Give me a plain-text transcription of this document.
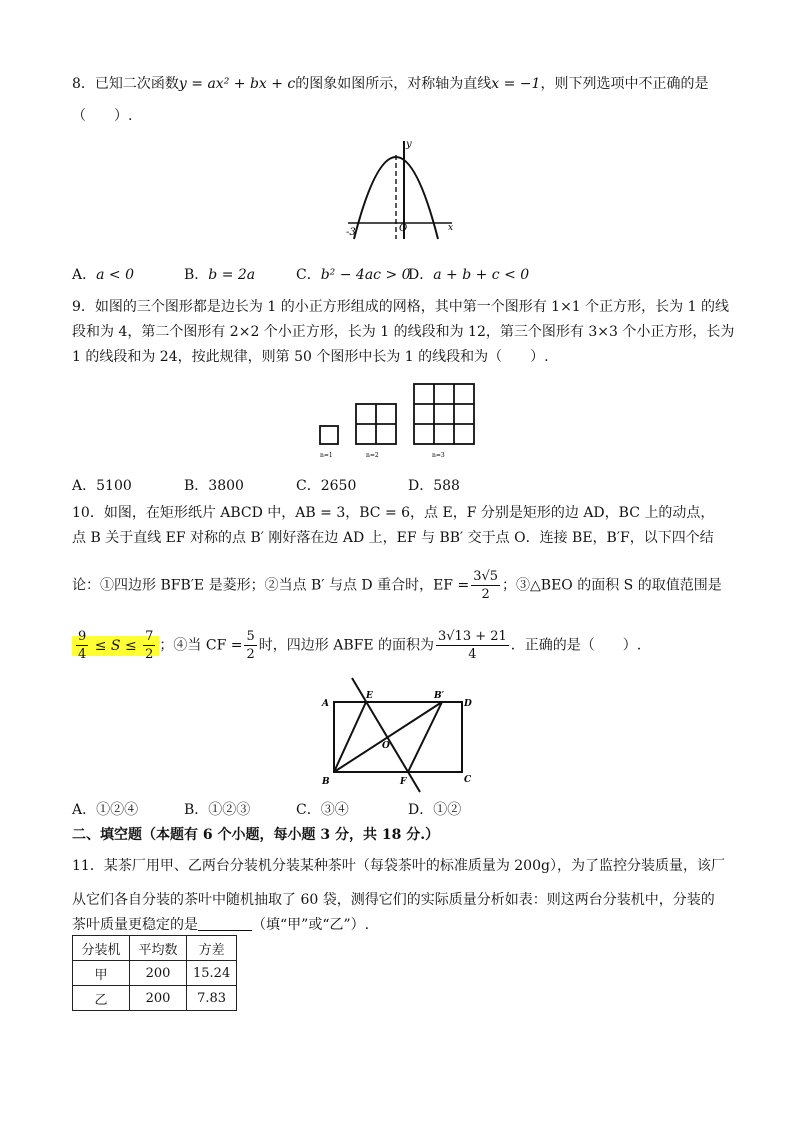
8．已知二次函数y = ax² + bx + c的图象如图所示，对称轴为直线x = −1，则下列选项中不正确的是
（　　）.
y
x
-3	O
A．a < 0	B．b = 2a	C．b² − 4ac > 0
D．a + b + c < 0
9．如图的三个图形都是边长为 1 的小正方形组成的网格，其中第一个图形有 1×1 个正方形，长为 1 的线
段和为 4，第二个图形有 2×2 个小正方形，长为 1 的线段和为 12，第三个图形有 3×3 个小正方形，长为
1 的线段和为 24，按此规律，则第 50 个图形中长为 1 的线段和为（　　）.
n=1	n=2	n=3
A．5100	B．3800	C．2650	D．588
10．如图，在矩形纸片 ABCD 中，AB = 3，BC = 6，点 E，F 分别是矩形的边 AD，BC 上的动点，
点 B 关于直线 EF 对称的点 B′ 刚好落在边 AD 上，EF 与 BB′ 交于点 O．连接 BE，B′F，以下四个结
论：①四边形 BFB′E 是菱形；②当点 B′ 与点 D 重合时，EF = $\frac{3√5}{2}$ ；③△BEO 的面积 S 的取值范围是
$\frac{9}{4} \le S \le \frac{7}{2}$ ；④当 CF = $\frac{5}{2}$ 时，四边形 ABFE 的面积为 $\frac{3√13 + 21}{4}$ ．正确的是（　　）.
A
E	B′
D
O
B	F	C
A．①②④	B．①②③	C．③④	D．①②
二、填空题（本题有 6 个小题，每小题 3 分，共 18 分.）
11．某茶厂用甲、乙两台分装机分装某种茶叶（每袋茶叶的标准质量为 200g），为了监控分装质量，该厂
从它们各自分装的茶叶中随机抽取了 60 袋，测得它们的实际质量分析如表：则这两台分装机中，分装的
茶叶质量更稳定的是	（填“甲”或“乙”）.
分装机	平均数	方差
甲	200	15.24
乙	200	7.83
